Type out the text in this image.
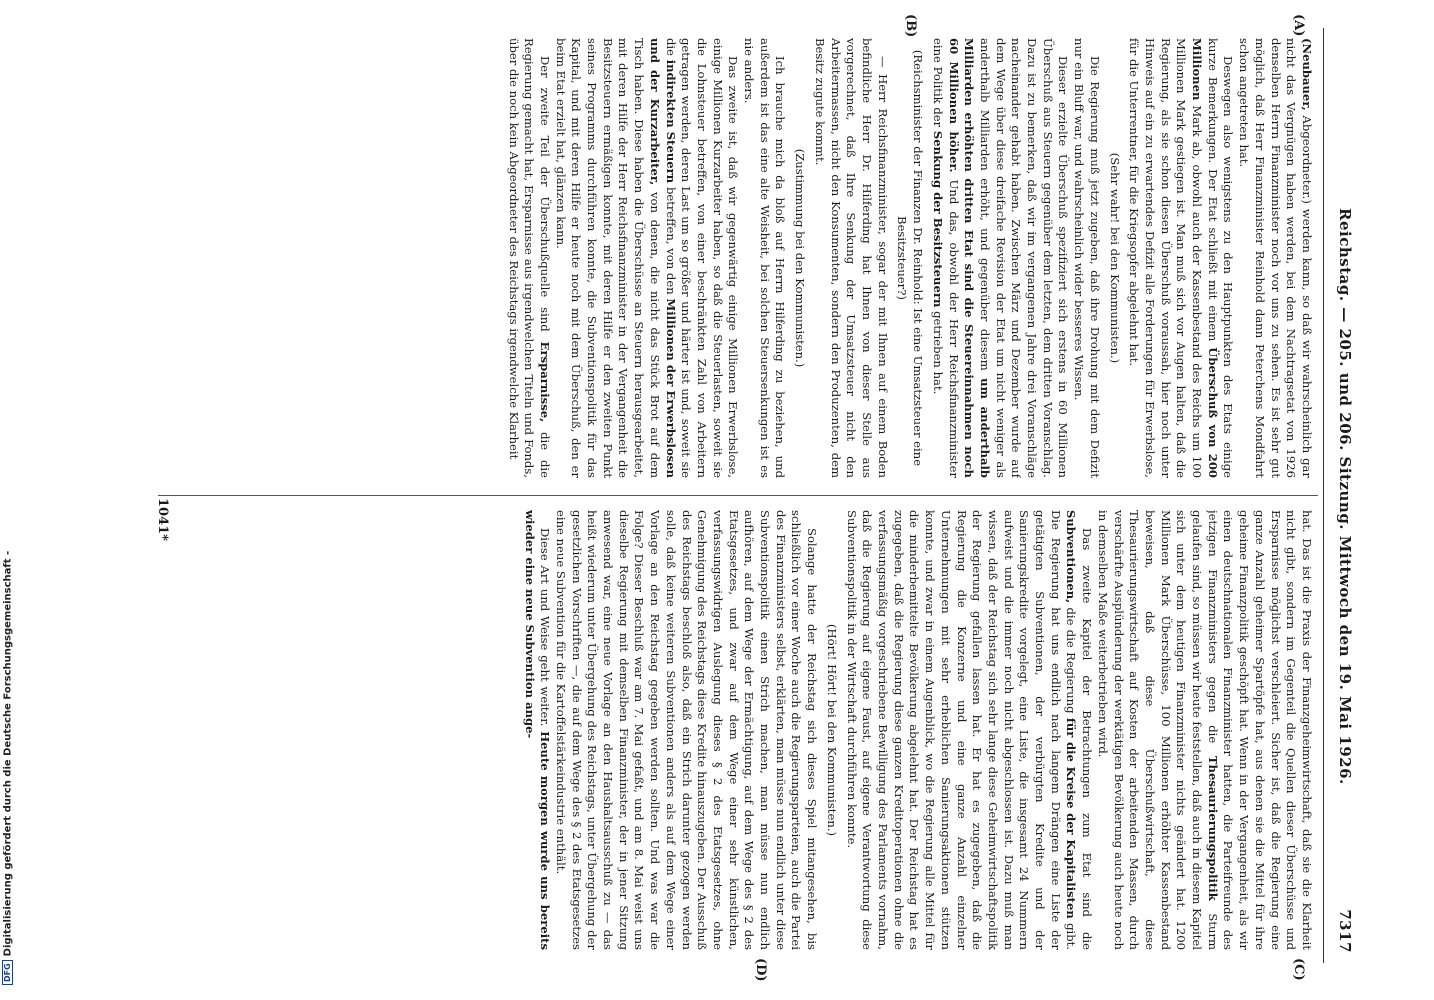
Reichstag. — 205. und 206. Sitzung. Mittwoch den 19. Mai 1926.
7317
(A)
(B)
(C)
(D)

(Neubauer, Abgeordneter.) werden kann, so daß wir wahrscheinlich gar nicht das Vergnügen haben werden, bei dem Nachtragsetat von 1926 denselben Herrn Finanzminister noch vor uns zu sehen. Es ist sehr gut möglich, daß Herr Finanzminister Reinhold dann Peterchens Mondfahrt schon angetreten hat.

Deswegen also wenigstens zu den Hauptpunkten des Etats einige kurze Bemerkungen. Der Etat schließt mit einem Überschuß von 200 Millionen Mark ab, obwohl auch der Kassenbestand des Reichs um 100 Millionen Mark gestiegen ist. Man muß sich vor Augen halten, daß die Regierung, als sie schon diesen Überschuß voraussah, hier noch unter Hinweis auf ein zu erwartendes Defizit alle Forderungen für Erwerbslose, für die Unterrentner, für die Kriegsopfer abgelehnt hat.

(Sehr wahr! bei den Kommunisten.)

Die Regierung muß jetzt zugeben, daß ihre Drohung mit dem Defizit nur ein Bluff war, und wahrscheinlich wider besseres Wissen.

Dieser erzielte Überschuß spezifiziert sich erstens in 60 Millionen Überschuß aus Steuern gegenüber dem letzten, dem dritten Voranschlag. Dazu ist zu bemerken, daß wir im vergangenen Jahre drei Voranschläge nacheinander gehabt haben. Zwischen März und Dezember wurde auf dem Wege über diese dreifache Revision der Etat um nicht weniger als anderthalb Milliarden erhöht, und gegenüber diesem um anderthalb Milliarden erhöhten dritten Etat sind die Steuereinnahmen noch 60 Millionen höher. Und das, obwohl der Herr Reichsfinanzminister eine Politik der Senkung der Besitzsteuern getrieben hat.

(Reichsminister der Finanzen Dr. Reinhold: Ist eine Umsatzsteuer eine Besitzsteuer?)

— Herr Reichsfinanzminister, sogar der mit Ihnen auf einem Boden befindliche Herr Dr. Hilferding hat Ihnen von dieser Stelle aus vorgerechnet, daß Ihre Senkung der Umsatzsteuer nicht den Arbeitermassen, nicht den Konsumenten, sondern den Produzenten, dem Besitz zugute kommt.

(Zustimmung bei den Kommunisten.)

Ich brauche mich da bloß auf Herrn Hilferding zu beziehen, und außerdem ist das eine alte Weisheit, bei solchen Steuersenkungen ist es nie anders.

Das zweite ist, daß wir gegenwärtig einige Millionen Erwerbslose, einige Millionen Kurzarbeiter haben, so daß die Steuerlasten, soweit sie die Lohnsteuer betreffen, von einer beschränkten Zahl von Arbeitern getragen werden, deren Last um so größer und härter ist und, soweit sie die indirekten Steuern betreffen, von den Millionen der Erwerbslosen und der Kurzarbeiter, von denen, die nicht das Stück Brot auf dem Tisch haben. Diese haben die Überschüsse an Steuern herausgearbeitet, mit deren Hilfe der Herr Reichsfinanzminister in der Vergangenheit die Besitzsteuern ermäßigen konnte, mit deren Hilfe er den zweiten Punkt seines Programms durchführen konnte, die Subventionspolitik für das Kapital, und mit deren Hilfe er heute noch mit dem Überschuß, den er beim Etat erzielt hat, glänzen kann.

Der zweite Teil der Überschußquelle sind Ersparnisse, die die Regierung gemacht hat, Ersparnisse aus irgendwelchen Titeln und Fonds, über die noch kein Abgeordneter des Reichstags irgendwelche Klarheit

hat. Das ist die Praxis der Finanzgeheimwirtschaft, daß sie die Klarheit nicht gibt, sondern im Gegenteil die Quellen dieser Überschüsse und Ersparnisse möglichst verschleiert. Sicher ist, daß die Regierung eine ganze Anzahl geheimer Spartöpfe hat, aus denen sie die Mittel für ihre geheime Finanzpolitik geschöpft hat. Wenn in der Vergangenheit, als wir einen deutschnationalen Finanzminister hatten, die Parteifreunde des jetzigen Finanzministers gegen die Thesaurierungspolitik Sturm gelaufen sind, so müssen wir heute feststellen, daß auch in diesem Kapitel sich unter dem heutigen Finanzminister nichts geändert hat. 1200 Millionen Mark Überschüsse, 100 Millionen erhöhter Kassenbestand beweisen, daß diese Überschußwirtschaft, diese Thesaurierungswirtschaft auf Kosten der arbeitenden Massen, durch verschärfte Ausplünderung der werktätigen Bevölkerung auch heute noch in demselben Maße weiterbetrieben wird.

Das zweite Kapitel der Betrachtungen zum Etat sind die Subventionen, die die Regierung für die Kreise der Kapitalisten gibt. Die Regierung hat uns endlich nach langem Drängen eine Liste der getätigten Subventionen, der verbürgten Kredite und der Sanierungskredite vorgelegt, eine Liste, die insgesamt 24 Nummern aufweist und die immer noch nicht abgeschlossen ist. Dazu muß man wissen, daß der Reichstag sich sehr lange diese Geheimwirtschaftspolitik der Regierung gefallen lassen hat. Er hat es zugegeben, daß die Regierung die Konzerne und eine ganze Anzahl einzelner Unternehmungen mit sehr erheblichen Sanierungsaktionen stützen konnte, und zwar in einem Augenblick, wo die Regierung alle Mittel für die minderbemittelte Bevölkerung abgelehnt hat. Der Reichstag hat es zugegeben, daß die Regierung diese ganzen Kreditoperationen ohne die verfassungsmäßig vorgeschriebene Bewilligung des Parlaments vornahm, daß die Regierung auf eigene Faust, auf eigene Verantwortung diese Subventionspolitik in der Wirtschaft durchführen konnte.

(Hört! Hört! bei den Kommunisten.)

Solange hatte der Reichstag sich dieses Spiel mitangesehen, bis schließlich vor einer Woche auch die Regierungsparteien, auch die Partei des Finanzministers selbst, erklärten, man müsse nun endlich unter diese Subventionspolitik einen Strich machen, man müsse nun endlich aufhören, auf dem Wege der Ermächtigung, auf dem Wege des § 2 des Etatsgesetzes, und zwar auf dem Wege einer sehr künstlichen, verfassungswidrigen Auslegung dieses § 2 des Etatsgesetzes, ohne Genehmigung des Reichstags diese Kredite hinauszugeben. Der Ausschuß des Reichstags beschloß also, daß ein Strich darunter gezogen werden solle, daß keine weiteren Subventionen anders als auf dem Wege einer Vorlage an den Reichstag gegeben werden sollten. Und was war die Folge? Dieser Beschluß war am 7. Mai gefaßt, und am 8. Mai weist uns dieselbe Regierung mit demselben Finanzminister, der in jener Sitzung anwesend war, eine neue Vorlage an den Haushaltsausschuß zu — das heißt wiederum unter Übergehung des Reichstags, unter Übergehung der gesetzlichen Vorschriften —, die auf dem Wege des § 2 des Etatsgesetzes eine neue Subvention für die Kartoffelstärkeindustrie enthält.

Diese Art und Weise geht weiter. Heute morgen wurde uns bereits wieder eine neue Subvention ange-

1041*
DFGDigitalisierung gefördert durch die Deutsche Forschungsgemeinschaft -
